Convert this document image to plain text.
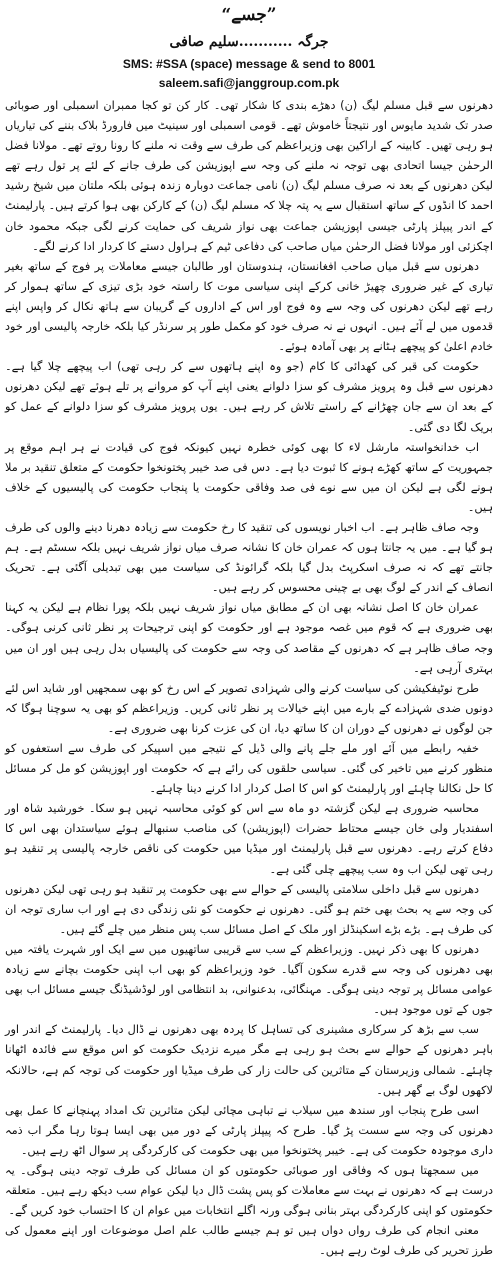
”جسے“
جرگہ ...........سلیم صافی
SMS: #SSA (space) message & send to 8001
saleem.safi@janggroup.com.pk

دھرنوں سے قبل مسلم لیگ (ن) دھڑے بندی کا شکار تھی۔ کار کن تو کجا ممبران اسمبلی اور صوبائی صدر تک شدید مایوس اور نتیجتاً خاموش تھے۔ قومی اسمبلی اور سینیٹ میں فارورڈ بلاک بننے کی تیاریاں ہو رہی تھیں۔ کابینہ کے اراکین بھی وزیراعظم کی طرف سے وقت نہ ملنے کا رونا روتے تھے۔ مولانا فضل الرحمٰن جیسا اتحادی بھی توجہ نہ ملنے کی وجہ سے اپوزیشن کی طرف جانے کے لئے پر تول رہے تھے لیکن دھرنوں کے بعد نہ صرف مسلم لیگ (ن) نامی جماعت دوبارہ زندہ ہوئی بلکہ ملتان میں شیخ رشید احمد کا انڈوں کے ساتھ استقبال سے یہ پتہ چلا کہ مسلم لیگ (ن) کے کارکن بھی ہوا کرتے ہیں۔ پارلیمنٹ کے اندر پیپلز پارٹی جیسی اپوزیشن جماعت بھی نواز شریف کی حمایت کرنے لگی جبکہ محمود خان اچکزئی اور مولانا فضل الرحمٰن میاں صاحب کی دفاعی ٹیم کے ہراول دستے کا کردار ادا کرنے لگے۔

دھرنوں سے قبل میاں صاحب افغانستان، ہندوستان اور طالبان جیسے معاملات پر فوج کے ساتھ بغیر تیاری کے غیر ضروری چھیڑ خانی کرکے اپنی سیاسی موت کا راستہ خود بڑی تیزی کے ساتھ ہموار کر رہے تھے لیکن دھرنوں کی وجہ سے وہ فوج اور اس کے اداروں کے گریبان سے ہاتھ نکال کر واپس اپنے قدموں میں لے آئے ہیں۔ انہوں نے نہ صرف خود کو مکمل طور پر سرنڈر کیا بلکہ خارجہ پالیسی اور خود خادم اعلیٰ کو پیچھے ہٹانے پر بھی آمادہ ہوئے۔

حکومت کی قبر کی کھدائی کا کام (جو وہ اپنے ہاتھوں سے کر رہی تھی) اب پیچھے چلا گیا ہے۔ دھرنوں سے قبل وہ پرویز مشرف کو سزا دلوانے یعنی اپنے آپ کو مروانے پر تلے ہوئے تھے لیکن دھرنوں کے بعد ان سے جان چھڑانے کے راستے تلاش کر رہے ہیں۔ یوں پرویز مشرف کو سزا دلوانے کے عمل کو بریک لگا دی گئی۔

اب خدانخواستہ مارشل لاء کا بھی کوئی خطرہ نہیں کیونکہ فوج کی قیادت نے ہر اہم موقع پر جمہوریت کے ساتھ کھڑے ہونے کا ثبوت دیا ہے۔ دس فی صد خیبر پختونخوا حکومت کے متعلق تنقید بر ملا ہونے لگی ہے لیکن ان میں سے نوے فی صد وفاقی حکومت یا پنجاب حکومت کی پالیسیوں کے خلاف ہیں۔

وجہ صاف ظاہر ہے۔ اب اخبار نویسوں کی تنقید کا رخ حکومت سے زیادہ دھرنا دینے والوں کی طرف ہو گیا ہے۔ میں یہ جانتا ہوں کہ عمران خان کا نشانہ صرف میاں نواز شریف نہیں بلکہ سسٹم ہے۔ ہم جانتے تھے کہ نہ صرف اسکرپٹ بدل گیا بلکہ گرائونڈ کی سیاست میں بھی تبدیلی آگئی ہے۔ تحریک انصاف کے اندر کے لوگ بھی بے چینی محسوس کر رہے ہیں۔

عمران خان کا اصل نشانہ بھی ان کے مطابق میاں نواز شریف نہیں بلکہ پورا نظام ہے لیکن یہ کہنا بھی ضروری ہے کہ قوم میں غصہ موجود ہے اور حکومت کو اپنی ترجیحات پر نظر ثانی کرنی ہوگی۔ وجہ صاف ظاہر ہے کہ دھرنوں کے مقاصد کی وجہ سے حکومت کی پالیسیاں بدل رہی ہیں اور ان میں بہتری آرہی ہے۔

طرح نوٹیفکیشن کی سیاست کرنے والی شہزادی تصویر کے اس رخ کو بھی سمجھیں اور شاید اس لئے دونوں ضدی شہزادے کے بارے میں اپنے خیالات پر نظر ثانی کریں۔ وزیراعظم کو بھی یہ سوچنا ہوگا کہ جن لوگوں نے دھرنوں کے دوران ان کا ساتھ دیا، ان کی عزت کرنا بھی ضروری ہے۔

خفیہ رابطے میں آئے اور ملے جلے پانے والی ڈیل کے نتیجے میں اسپیکر کی طرف سے استعفوں کو منظور کرنے میں تاخیر کی گئی۔ سیاسی حلقوں کی رائے ہے کہ حکومت اور اپوزیشن کو مل کر مسائل کا حل نکالنا چاہئے اور پارلیمنٹ کو اس کا اصل کردار ادا کرنے دینا چاہئے۔

محاسبہ ضروری ہے لیکن گزشتہ دو ماہ سے اس کو کوئی محاسبہ نہیں ہو سکا۔ خورشید شاہ اور اسفندیار ولی خان جیسے محتاط حضرات (اپوزیشن) کی مناصب سنبھالے ہوئے سیاستدان بھی اس کا دفاع کرتے رہے۔ دھرنوں سے قبل پارلیمنٹ اور میڈیا میں حکومت کی ناقص خارجہ پالیسی پر تنقید ہو رہی تھی لیکن اب وہ سب پیچھے چلی گئی ہے۔

دھرنوں سے قبل داخلی سلامتی پالیسی کے حوالے سے بھی حکومت پر تنقید ہو رہی تھی لیکن دھرنوں کی وجہ سے یہ بحث بھی ختم ہو گئی۔ دھرنوں نے حکومت کو نئی زندگی دی ہے اور اب ساری توجہ ان کی طرف ہے۔ بڑے بڑے اسکینڈلز اور ملک کے اصل مسائل سب پس منظر میں چلے گئے ہیں۔

دھرنوں کا بھی ذکر نہیں۔ وزیراعظم کے سب سے قریبی ساتھیوں میں سے ایک اور شہرت یافتہ میں بھی دھرنوں کی وجہ سے قدرے سکون آگیا۔ خود وزیراعظم کو بھی اب اپنی حکومت بچانے سے زیادہ عوامی مسائل پر توجہ دینی ہوگی۔ مہنگائی، بدعنوانی، بد انتظامی اور لوڈشیڈنگ جیسے مسائل اب بھی جوں کے توں موجود ہیں۔

سب سے بڑھ کر سرکاری مشینری کی تساہل کا پردہ بھی دھرنوں نے ڈال دیا۔ پارلیمنٹ کے اندر اور باہر دھرنوں کے حوالے سے بحث ہو رہی ہے مگر میرے نزدیک حکومت کو اس موقع سے فائدہ اٹھانا چاہئے۔ شمالی وزیرستان کے متاثرین کی حالت زار کی طرف میڈیا اور حکومت کی توجہ کم ہے، حالانکہ لاکھوں لوگ بے گھر ہیں۔

اسی طرح پنجاب اور سندھ میں سیلاب نے تباہی مچائی لیکن متاثرین تک امداد پہنچانے کا عمل بھی دھرنوں کی وجہ سے سست پڑ گیا۔ طرح کہ پیپلز پارٹی کے دور میں بھی ایسا ہوتا رہا مگر اب ذمہ داری موجودہ حکومت کی ہے۔ خیبر پختونخوا میں بھی حکومت کی کارکردگی پر سوال اٹھ رہے ہیں۔

میں سمجھتا ہوں کہ وفاقی اور صوبائی حکومتوں کو ان مسائل کی طرف توجہ دینی ہوگی۔ یہ درست ہے کہ دھرنوں نے بہت سے معاملات کو پس پشت ڈال دیا لیکن عوام سب دیکھ رہے ہیں۔ متعلقہ حکومتوں کو اپنی کارکردگی بہتر بنانی ہوگی ورنہ اگلے انتخابات میں عوام ان کا احتساب خود کریں گے۔

معنی انجام کی طرف رواں دواں ہیں تو ہم جیسے طالب علم اصل موضوعات اور اپنے معمول کی طرز تحریر کی طرف لوٹ رہے ہیں۔
